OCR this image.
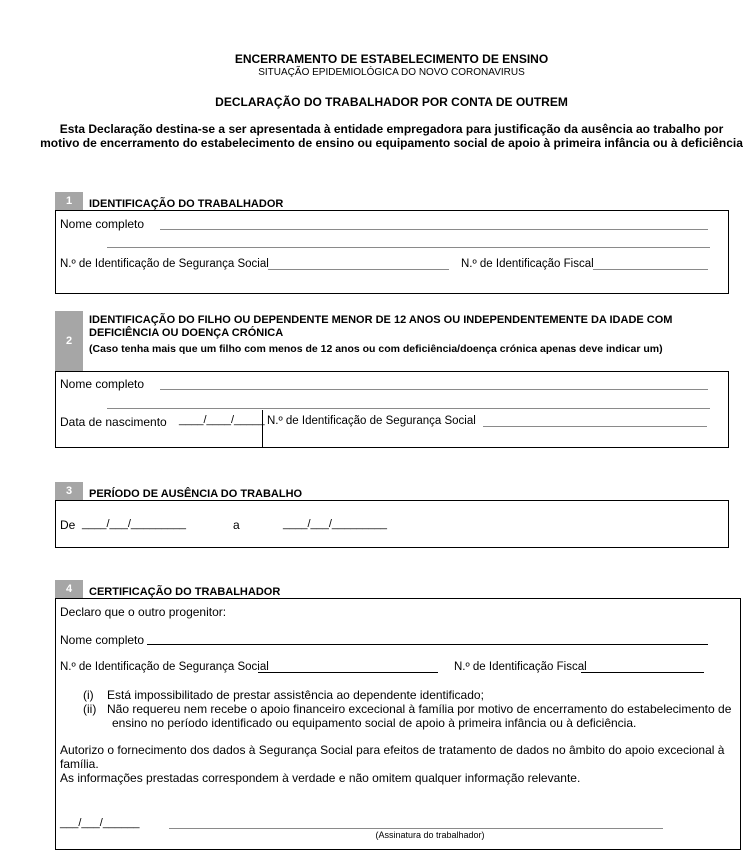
ENCERRAMENTO DE ESTABELECIMENTO DE ENSINO
SITUAÇÃO EPIDEMIOLÓGICA DO NOVO CORONAVIRUS
DECLARAÇÃO DO TRABALHADOR POR CONTA DE OUTREM
Esta Declaração destina-se a ser apresentada à entidade empregadora para justificação da ausência ao trabalho por motivo de encerramento do estabelecimento de ensino ou equipamento social de apoio à primeira infância ou à deficiência
1	IDENTIFICAÇÃO DO TRABALHADOR
Nome completo
N.º de Identificação de Segurança Social	N.º de Identificação Fiscal
2
IDENTIFICAÇÃO DO FILHO OU DEPENDENTE MENOR DE 12 ANOS OU INDEPENDENTEMENTE DA IDADE COM
DEFICIÊNCIA OU DOENÇA CRÓNICA
(Caso tenha mais que um filho com menos de 12 anos ou com deficiência/doença crónica apenas deve indicar um)
Nome completo
Data de nascimento ____/____/_____ N.º de Identificação de Segurança Social
3	PERÍODO DE AUSÊNCIA DO TRABALHO
De ____/___/_________	a	____/___/_________
4	CERTIFICAÇÃO DO TRABALHADOR
Declaro que o outro progenitor:
Nome completo
N.º de Identificação de Segurança Social	N.º de Identificação Fiscal
(i) Está impossibilitado de prestar assistência ao dependente identificado;
(ii) Não requereu nem recebe o apoio financeiro excecional à família por motivo de encerramento do estabelecimento de
ensino no período identificado ou equipamento social de apoio à primeira infância ou à deficiência.
Autorizo o fornecimento dos dados à Segurança Social para efeitos de tratamento de dados no âmbito do apoio excecional à família.
As informações prestadas correspondem à verdade e não omitem qualquer informação relevante.
___/___/______
(Assinatura do trabalhador)
